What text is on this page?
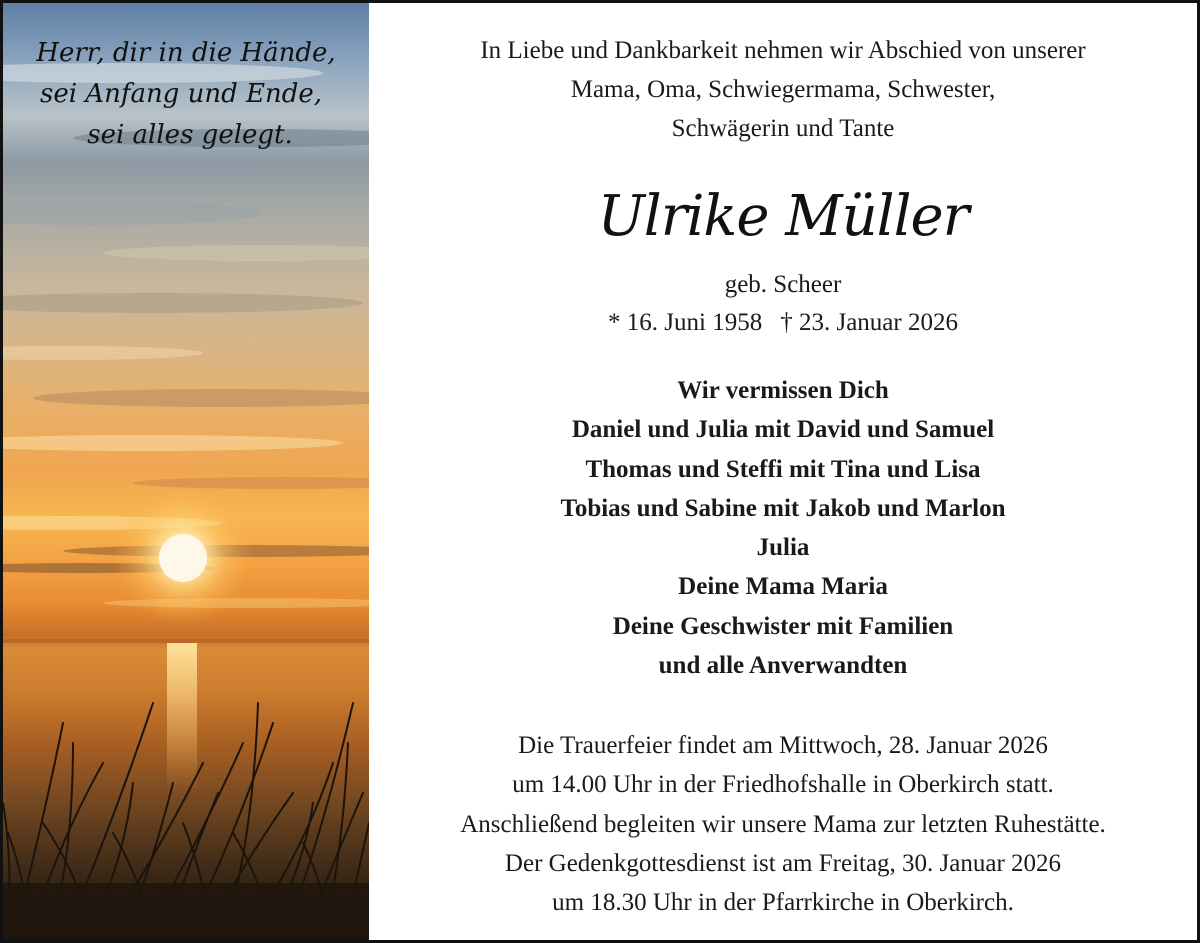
Herr, dir in die Hände,
sei Anfang und Ende,
sei alles gelegt.

In Liebe und Dankbarkeit nehmen wir Abschied von unserer
Mama, Oma, Schwiegermama, Schwester,
Schwägerin und Tante

Ulrike Müller

geb. Scheer

* 16. Juni 1958 † 23. Januar 2026

Wir vermissen Dich
Daniel und Julia mit David und Samuel
Thomas und Steffi mit Tina und Lisa
Tobias und Sabine mit Jakob und Marlon
Julia
Deine Mama Maria
Deine Geschwister mit Familien
und alle Anverwandten

Die Trauerfeier findet am Mittwoch, 28. Januar 2026
um 14.00 Uhr in der Friedhofshalle in Oberkirch statt.
Anschließend begleiten wir unsere Mama zur letzten Ruhestätte.
Der Gedenkgottesdienst ist am Freitag, 30. Januar 2026
um 18.30 Uhr in der Pfarrkirche in Oberkirch.
